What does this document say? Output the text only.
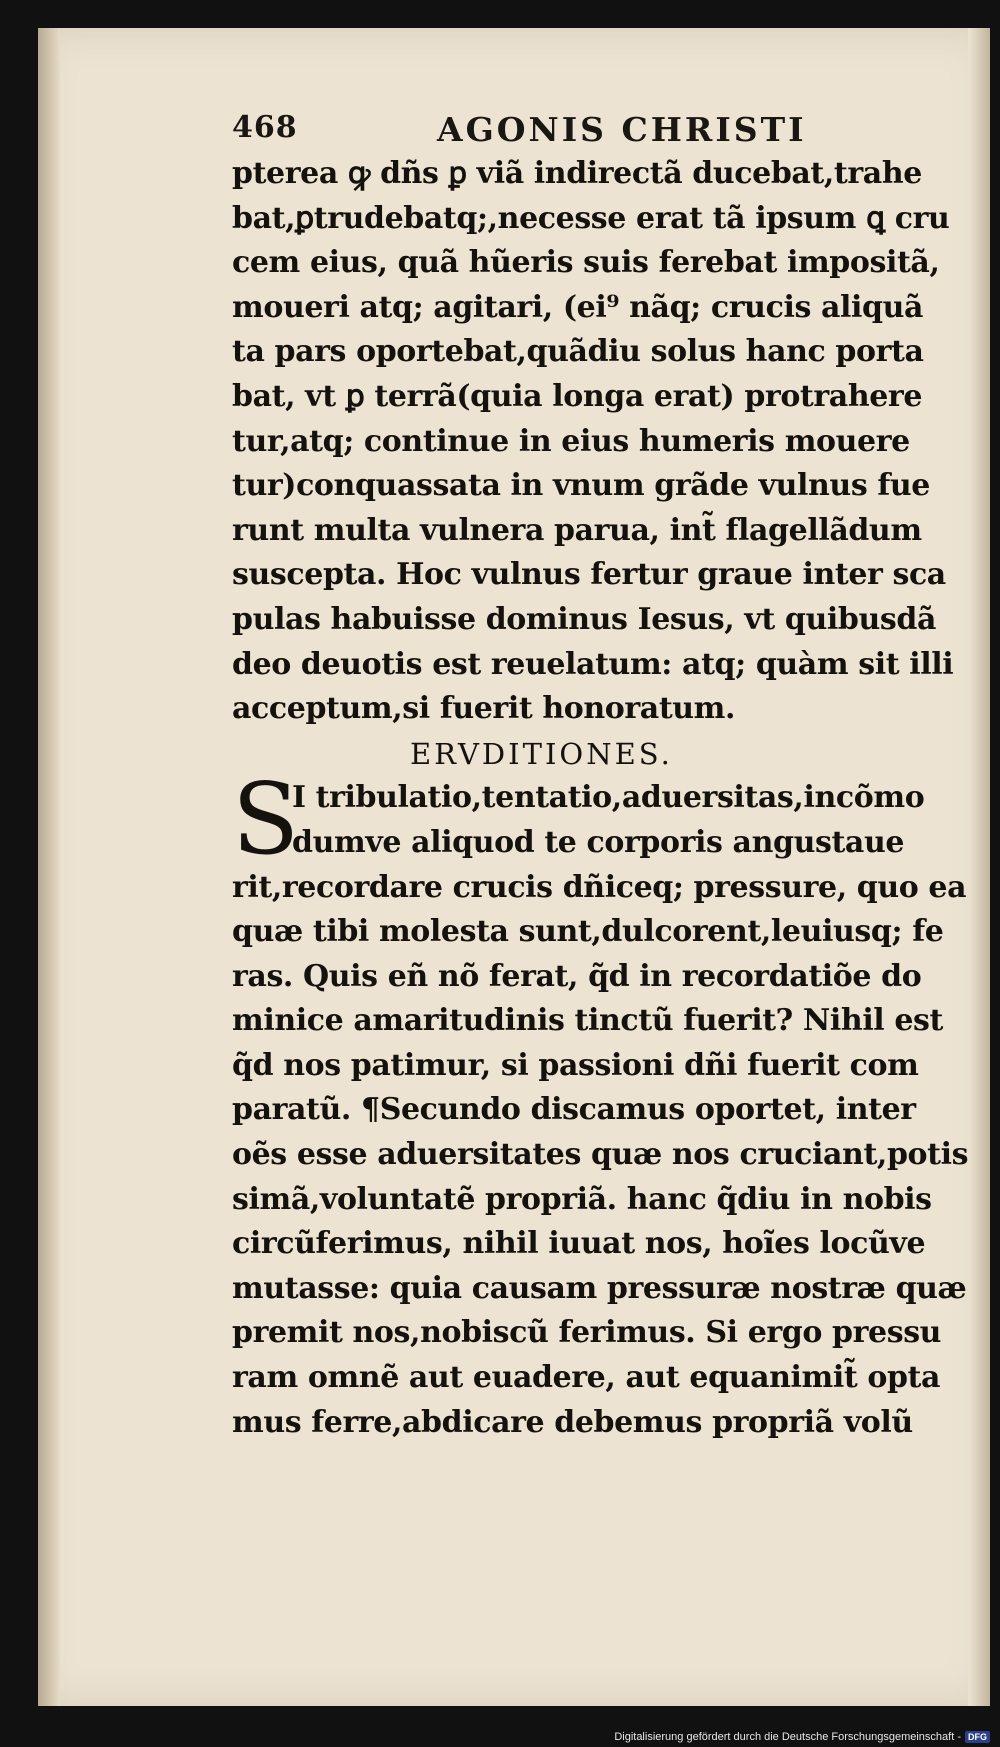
468	AGONIS CHRISTI
pterea ꝙ dñs ꝑ viã indirectã ducebat,trahe
bat,ꝑtrudebatq;,necesse erat tã ipsum ꝗ cru
cem eius, quã hũeris suis ferebat impositã,
moueri atq; agitari, (ei⁹ nãq; crucis aliquã
ta pars oportebat,quãdiu solus hanc porta
bat, vt ꝑ terrã(quia longa erat) protrahere
tur,atq; continue in eius humeris mouere
tur)conquassata in vnum grãde vulnus fue
runt multa vulnera parua, int̃ flagellãdum
suscepta. Hoc vulnus fertur graue inter sca
pulas habuisse dominus Iesus, vt quibusdã
deo deuotis est reuelatum: atq; quàm sit illi
acceptum,si fuerit honoratum.
ERVDITIONES.
S
I tribulatio,tentatio,aduersitas,incõmo
dumve aliquod te corporis angustaue
rit,recordare crucis dñiceq; pressure, quo ea
quæ tibi molesta sunt,dulcorent,leuiusq; fe
ras. Quis eñ nõ ferat, q̃d in recordatiõe do
minice amaritudinis tinctũ fuerit? Nihil est
q̃d nos patimur, si passioni dñi fuerit com
paratũ. ¶Secundo discamus oportet, inter
oẽs esse aduersitates quæ nos cruciant,potis
simã,voluntatẽ propriã. hanc q̃diu in nobis
circũferimus, nihil iuuat nos, hoĩes locũve
mutasse: quia causam pressuræ nostræ quæ
premit nos,nobiscũ ferimus. Si ergo pressu
ram omnẽ aut euadere, aut equanimit̃ opta
mus ferre,abdicare debemus propriã volũ
Digitalisierung gefördert durch die Deutsche Forschungsgemeinschaft - DFG
